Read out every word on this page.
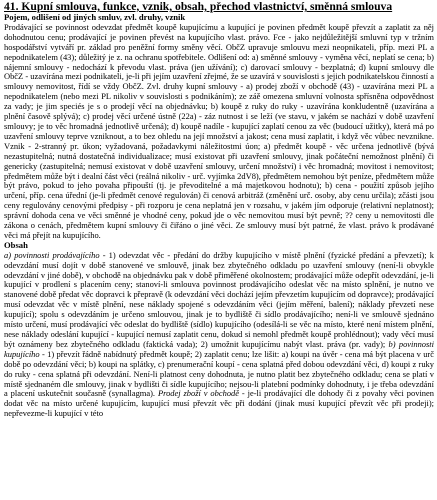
41. Kupní smlouva, funkce, vznik, obsah, přechod vlastnictví, směnná smlouva
Pojem, odlišení od jiných smluv, zvl. druhy, vznik

Prodávající se povinnost odevzdat předmět koupě kupujícímu a kupující je povinen předmět koupě převzít a zaplatit za něj dohodnutou cenu; prodávající je povinen převést na kupujícího vlast. právo. Fce - jako nejdůležitější smluvní typ v tržním hospodářství vytváří pr. základ pro peněžní formy směny věcí. ObčZ upravuje smlouvu mezi neopnikateli, příp. mezi PL a nepodnikatelem (43); důležitý je z. na ochranu spotřebitele. Odlišení od: a) směnné smlouvy - vyměna věcí, neplatí se cena; b) nájemní smlouvy - nedochází k převodu vlast. práva (jen užívání); c) darovací smlouvy - bezplatná; d) kupní smlouvy dle ObčZ - uzavírána mezi podnikateli, je-li při jejím uzavření zřejmé, že se uzavírá v souvislosti s jejich podnikatelskou činností a smlouvy nemovitost, řídí se vždy ObčZ. Zvl. druhy kupní smlouvy - a) prodej zboží v obchodě (43) - uzavírána mezi PL a nepodnikatelem (nebo mezi PL nikoliv v souvislosti s podnikáním); ze záě omezena smluvní volnosta spřísněna odpovědnost za vady; je jim speciés je s o prodejí věcí na objednávku; b) koupě z ruky do ruky - uzavírána konkludentně (uzavírána a plnění časově splývá); c) prodej věcí určené ústně (22a) - záz nutnost i se leží (ve stavu, v jakém se nachází v době uzavření smlouvy; je to věc hromadná jednotlivě určená); d) koupě nadíle - kupující zaplatí cenou za věc (budoucí užitky), která má po uzavření smlouvy teprve vzniknout, a to bez ohledu na její množství a jakost; cena musí zaplatit, i když věc vůbec nevznikne. Vznik - 2-stranný pr. úkon; vyžadovaná, požadavkymi náležitostmi úon; a) předmět koupě - věc určena jednotlivě (bývá nezastupitelná; nutná dostatečná individualizace; musí existovat při uzavření smlouvy, jinak počáteční nemožnost plnění) či genericky (zastupitelná; nemusí existovat v době uzavření smlouvy, určení množství) i věc hromadná; movitost i nemovitost; předmětem může být i dealní část věci (reálná nikoliv - urč. vyjímka 2dV8), předmětem nemohou být peníze, předmětem může být právo, pokud to jeho povaha připouští (tj. je převoditelné a má majetkovou hodnotu); b) cena - použití způsob jejího určení, příp. cena úřední (je-li předmět cenové regulován) či cenová arbitráž (změnění urč. osoby, aby cenu určila); zčásti jsou ceny regulovány cenovými předpisy - při rozporu je cena neplatná jen v rozsahu, v jakém jím odporuje (relativní neplatnost); správní dohoda cena ve věci směnné je vhodné ceny, pokud jde o věc nemovitou musí být pevně; ?? ceny u nemovitosti dle zákona o cenách, předmětem kupní smlouvy či čiřáno o jiné věci. Ze smlouvy musí být patrné, že vlast. právo k prodávané věci má přejít na kupujícího.

Obsah

a) povinnosti prodávajícího - 1) odevzdat věc - předání do držby kupujícího v místě plnění (fyzické předání a převzetí); k odevzdání musí dojít v době stanovené ve smlouvě, jinak bez zbytečného odkladu po uzavření smlouvy (není-li obvykle odevzdání v jiné době), v obchodě na objednávku pak v době přiměřené okolnostem; prodávající může odepřít odevzdání, je-li kupující v prodlení s placením ceny; stanoví-li smlouva povinnost prodávajícího odeslat věc na místo splnění, je nutno ve stanovené době předat věc dopravci k přepravě (k odevzdání věci dochází jejím převzetím kupujícím od dopravce); prodávající musí odevzdat věc v místě plnění, nese náklady spojené s odevzdáním věci (jejím měření, balení); náklady převzetí nese kupující); spolu s odevzdáním je určeno smlouvou, jinak je to bydliště či sídlo prodávajícího; není-li ve smlouvě sjednáno místo určení, musí prodávající věc odeslat do bydliště (sídlo) kupujícího (odesílá-li se věc na místo, které není místem plnění, nese náklady odeslání kupující - kupující nemusí zaplatit cenu, dokud si nemohl předmět koupě prohlédnout); vady věcí musí být oznámeny bez zbytečného odkladu (faktická vada); 2) umožnit kupujícímu nabýt vlast. práva (pr. vady); b) povinnosti kupujícího - 1) převzít řádně nabídnutý předmět koupě; 2) zaplatit cenu; lze lišit: a) koupi na úvěr - cena má být placena v urč době po odevzdání věci; b) koupi na splátky, c) prenumerační koupí - cena splatná před dobou odevzdání věci, d) koupi z ruky do ruky - cena splatná při odevzdání. Není-li platnost ceny dohodnuta, je nutno platit bez zbytečného odkladu; cena se platí v místě sjednaném dle smlouvy, jinak v bydlišti či sídle kupujícího; nejsou-li platební podmínky dohodnuty, i je třeba odevzdání a placení uskutečnit současně (synallagma). Prodej zboží v obchodě - je-li prodávající dle dohody či z povahy věci povinen dodat věc na místo určené kupujícím, kupující musí převzít věc při dodání (jinak musí kupující převzít věc při prodeji); nepřevezme-li kupující v této
